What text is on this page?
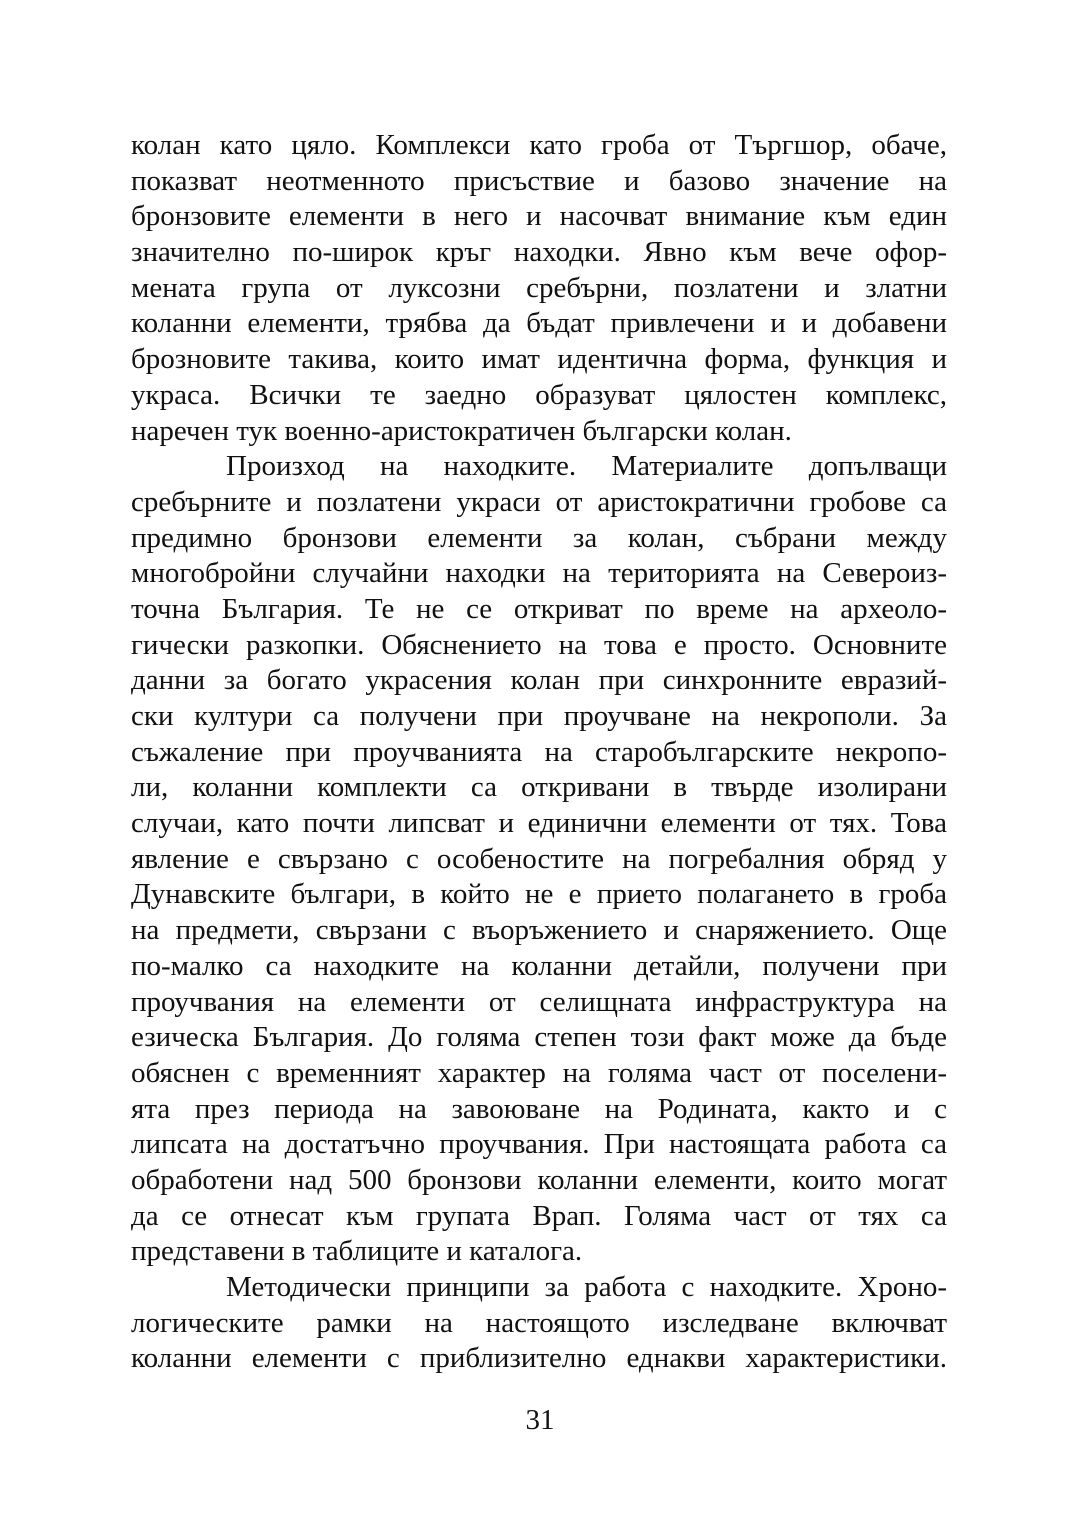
колан като цяло. Комплекси като гроба от Търгшор, обаче,
показват неотменното присъствие и базово значение на
бронзовите елементи в него и насочват внимание към един
значително по-широк кръг находки. Явно към вече офор-
мената група от луксозни сребърни, позлатени и златни
коланни елементи, трябва да бъдат привлечени и и добавени
брозновите такива, които имат идентична форма, функция и
украса. Всички те заедно образуват цялостен комплекс,
наречен тук военно-аристократичен български колан.
Произход на находките. Материалите допълващи
сребърните и позлатени украси от аристократични гробове са
предимно бронзови елементи за колан, събрани между
многобройни случайни находки на територията на Североиз-
точна България. Те не се откриват по време на археоло-
гически разкопки. Обяснението на това е просто. Основните
данни за богато украсения колан при синхронните евразий-
ски култури са получени при проучване на некрополи. За
съжаление при проучванията на старобългарските некропо-
ли, коланни комплекти са откривани в твърде изолирани
случаи, като почти липсват и единични елементи от тях. Това
явление е свързано с особеностите на погребалния обряд у
Дунавските българи, в който не е прието полагането в гроба
на предмети, свързани с въоръжението и снаряжението. Още
по-малко са находките на коланни детайли, получени при
проучвания на елементи от селищната инфраструктура на
езическа България. До голяма степен този факт може да бъде
обяснен с временният характер на голяма част от поселени-
ята през периода на завоюване на Родината, както и с
липсата на достатъчно проучвания. При настоящата работа са
обработени над 500 бронзови коланни елементи, които могат
да се отнесат към групата Врап. Голяма част от тях са
представени в таблиците и каталога.
Методически принципи за работа с находките. Хроно-
логическите рамки на настоящото изследване включват
коланни елементи с приблизително еднакви характеристики.
31
